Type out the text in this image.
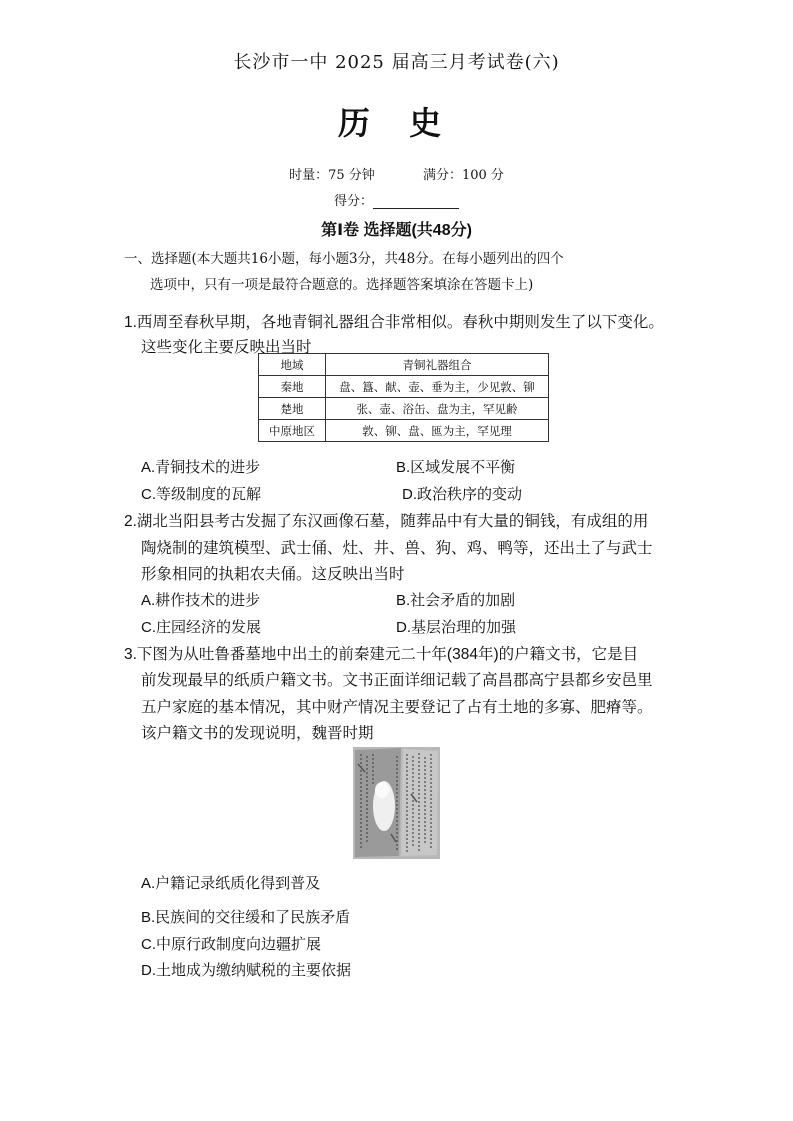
长沙市一中 2025 届高三月考试卷(六)
历 史
时量：75 分钟	满分：100 分
得分：
第Ⅰ卷 选择题(共48分)
一、选择题(本大题共16小题，每小题3分，共48分。在每小题列出的四个
选项中，只有一项是最符合题意的。选择题答案填涂在答题卡上)
1.西周至春秋早期，各地青铜礼器组合非常相似。春秋中期则发生了以下变化。
这些变化主要反映出当时
地域	青铜礼器组合
秦地	盘、簋、献、壶、垂为主，少见敦、铆
楚地	张、壶、浴缶、盘为主，罕见齢
中原地区	敦、铆、盘、匜为主，罕见理
A.青铜技术的进步	B.区域发展不平衡
C.等级制度的瓦解	D.政治秩序的变动
2.湖北当阳县考古发掘了东汉画像石墓，随葬品中有大量的铜钱，有成组的用
陶烧制的建筑模型、武士俑、灶、井、兽、狗、鸡、鸭等，还出土了与武士
形象相同的执耜农夫俑。这反映出当时
A.耕作技术的进步	B.社会矛盾的加剧
C.庄园经济的发展	D.基层治理的加强
3.下图为从吐鲁番墓地中出土的前秦建元二十年(384年)的户籍文书，它是目
前发现最早的纸质户籍文书。文书正面详细记载了高昌郡高宁县都乡安邑里
五户家庭的基本情况，其中财产情况主要登记了占有土地的多寡、肥瘠等。
该户籍文书的发现说明，魏晋时期
A.户籍记录纸质化得到普及
B.民族间的交往缓和了民族矛盾
C.中原行政制度向边疆扩展
D.土地成为缴纳赋税的主要依据
